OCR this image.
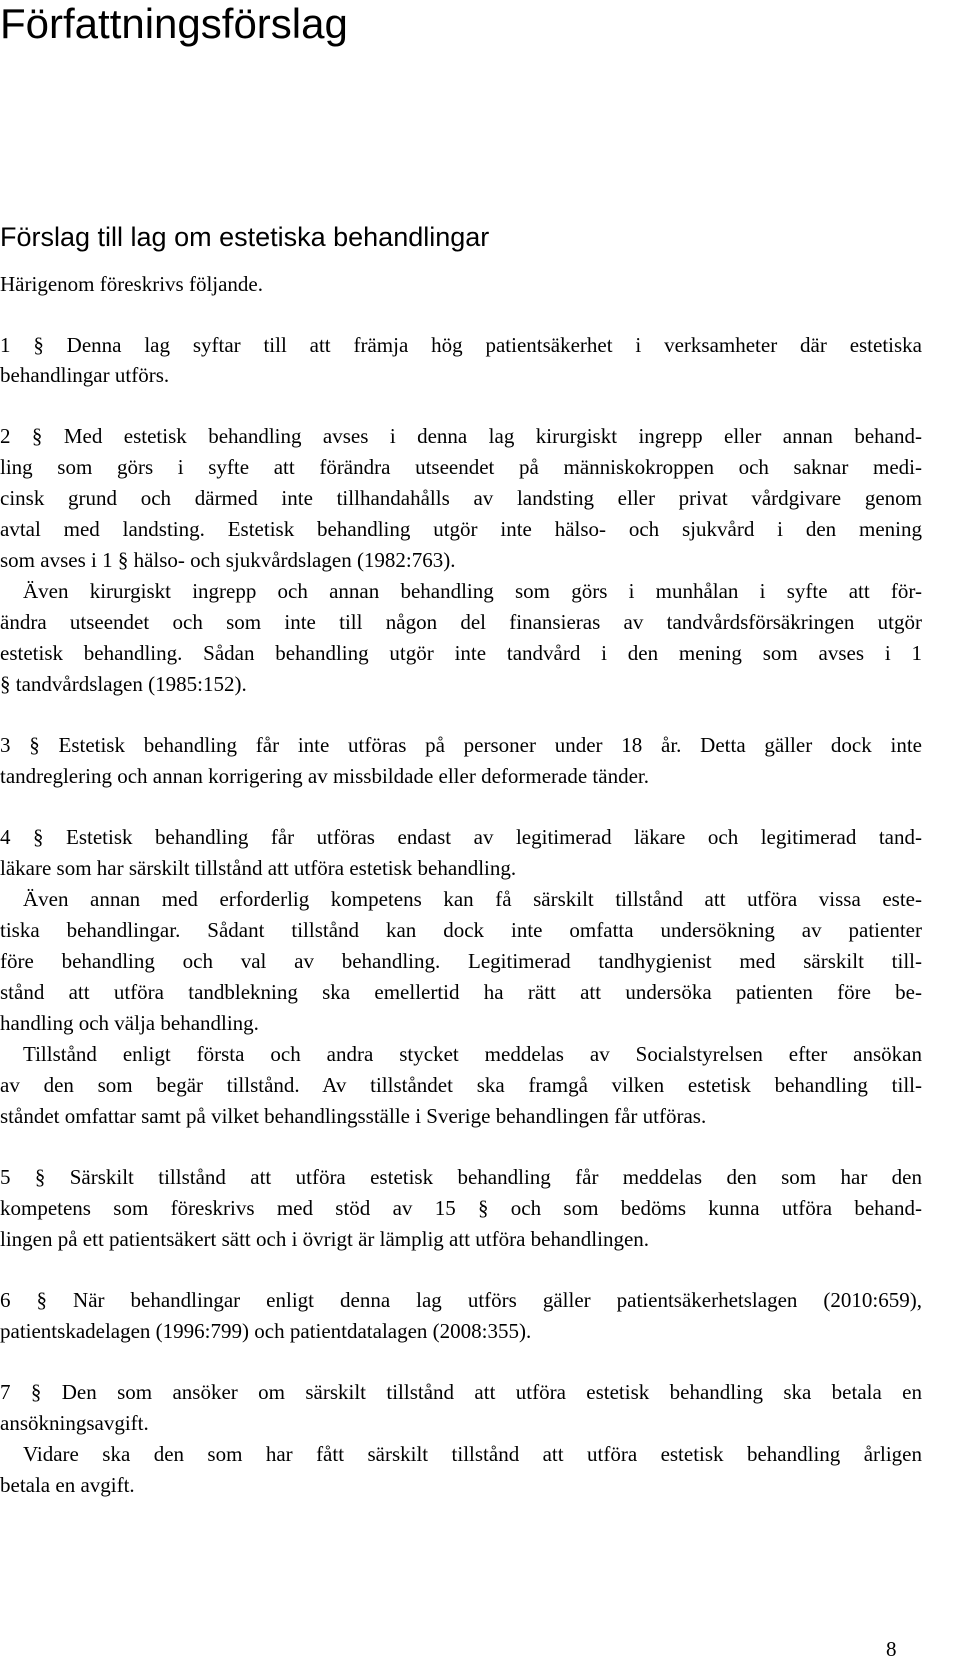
Författningsförslag
Förslag till lag om estetiska behandlingar
Härigenom föreskrivs följande.
1 § Denna lag syftar till att främja hög patientsäkerhet i verksamheter där estetiska
behandlingar utförs.
2 § Med estetisk behandling avses i denna lag kirurgiskt ingrepp eller annan behand-
ling som görs i syfte att förändra utseendet på människokroppen och saknar medi-
cinsk grund och därmed inte tillhandahålls av landsting eller privat vårdgivare genom
avtal med landsting. Estetisk behandling utgör inte hälso- och sjukvård i den mening
som avses i 1 § hälso- och sjukvårdslagen (1982:763).
Även kirurgiskt ingrepp och annan behandling som görs i munhålan i syfte att för-
ändra utseendet och som inte till någon del finansieras av tandvårdsförsäkringen utgör
estetisk behandling. Sådan behandling utgör inte tandvård i den mening som avses i 1
§ tandvårdslagen (1985:152).
3 § Estetisk behandling får inte utföras på personer under 18 år. Detta gäller dock inte
tandreglering och annan korrigering av missbildade eller deformerade tänder.
4 § Estetisk behandling får utföras endast av legitimerad läkare och legitimerad tand-
läkare som har särskilt tillstånd att utföra estetisk behandling.
Även annan med erforderlig kompetens kan få särskilt tillstånd att utföra vissa este-
tiska behandlingar. Sådant tillstånd kan dock inte omfatta undersökning av patienter
före behandling och val av behandling. Legitimerad tandhygienist med särskilt till-
stånd att utföra tandblekning ska emellertid ha rätt att undersöka patienten före be-
handling och välja behandling.
Tillstånd enligt första och andra stycket meddelas av Socialstyrelsen efter ansökan
av den som begär tillstånd. Av tillståndet ska framgå vilken estetisk behandling till-
ståndet omfattar samt på vilket behandlingsställe i Sverige behandlingen får utföras.
5 § Särskilt tillstånd att utföra estetisk behandling får meddelas den som har den
kompetens som föreskrivs med stöd av 15 § och som bedöms kunna utföra behand-
lingen på ett patientsäkert sätt och i övrigt är lämplig att utföra behandlingen.
6 § När behandlingar enligt denna lag utförs gäller patientsäkerhetslagen (2010:659),
patientskadelagen (1996:799) och patientdatalagen (2008:355).
7 § Den som ansöker om särskilt tillstånd att utföra estetisk behandling ska betala en
ansökningsavgift.
Vidare ska den som har fått särskilt tillstånd att utföra estetisk behandling årligen
betala en avgift.
8
